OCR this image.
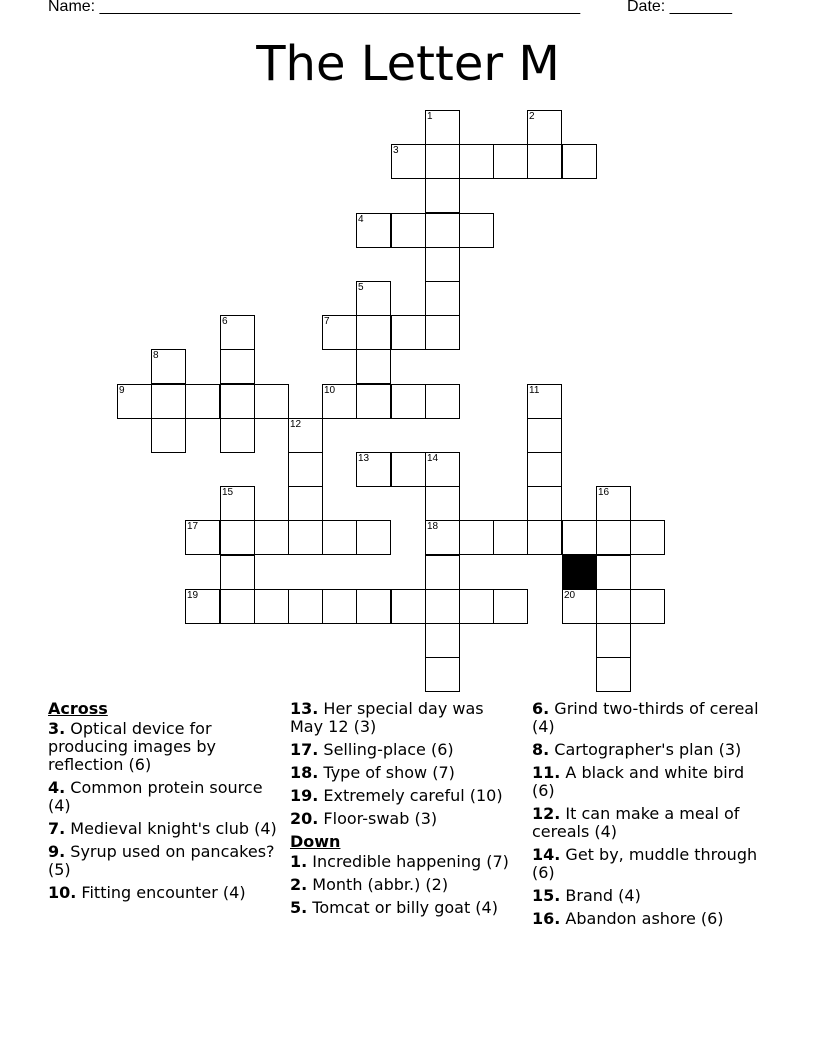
Name: ______________________________________________________	Date: _______
The Letter M
1	2
3
4
5
6	7
8
9	10	11
12
13	14
15	16
17	18
19	20
Across
3. Optical device for producing images by reflection (6)
4. Common protein source (4)
7. Medieval knight's club (4)
9. Syrup used on pancakes? (5)
10. Fitting encounter (4)
13. Her special day was May 12 (3)
17. Selling-place (6)
18. Type of show (7)
19. Extremely careful (10)
20. Floor-swab (3)
Down
1. Incredible happening (7)
2. Month (abbr.) (2)
5. Tomcat or billy goat (4)
6. Grind two-thirds of cereal (4)
8. Cartographer's plan (3)
11. A black and white bird (6)
12. It can make a meal of cereals (4)
14. Get by, muddle through (6)
15. Brand (4)
16. Abandon ashore (6)
